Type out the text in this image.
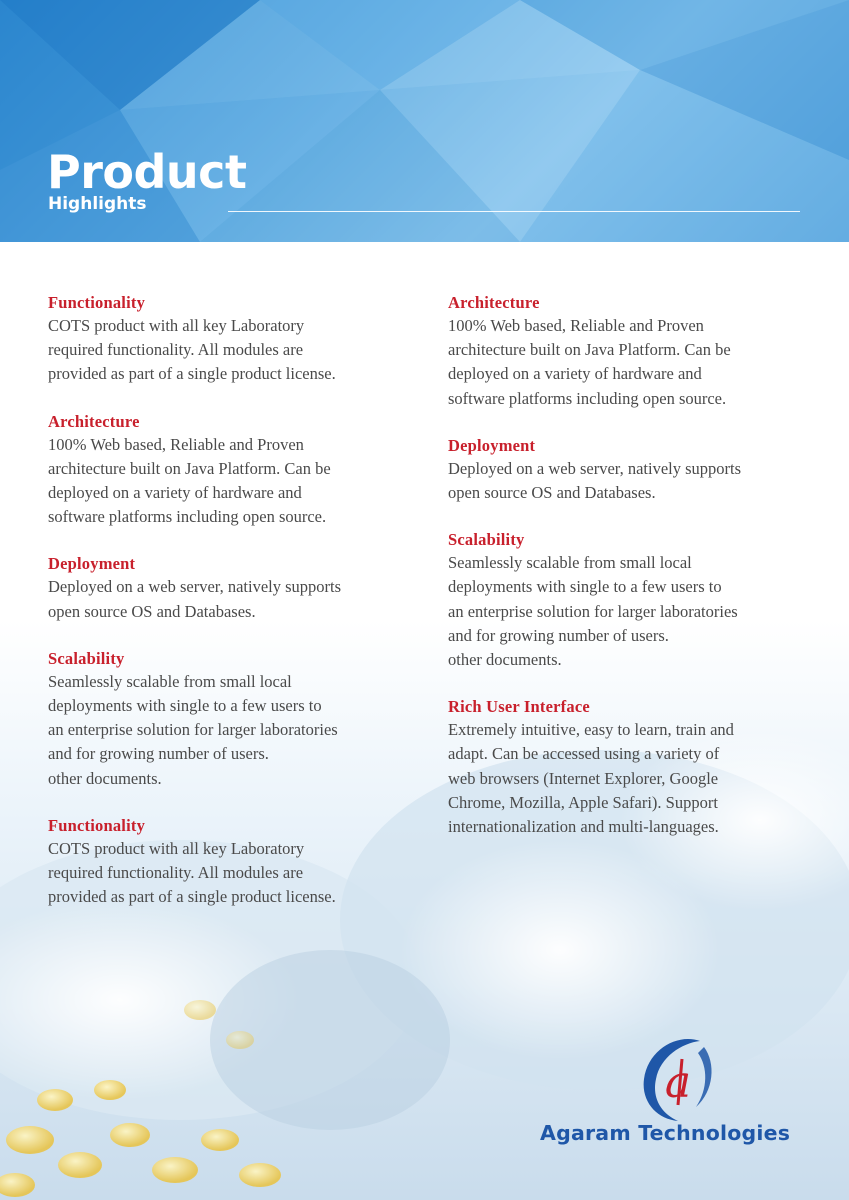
Product
Highlights
Functionality

COTS product with all key Laboratory
required functionality. All modules are
provided as part of a single product license.

Architecture

100% Web based, Reliable and Proven
architecture built on Java Platform. Can be
deployed on a variety of hardware and
software platforms including open source.

Deployment

Deployed on a web server, natively supports
open source OS and Databases.

Scalability

Seamlessly scalable from small local
deployments with single to a few users to
an enterprise solution for larger laboratories
and for growing number of users.
other documents.

Functionality

COTS product with all key Laboratory
required functionality. All modules are
provided as part of a single product license.

Architecture

100% Web based, Reliable and Proven
architecture built on Java Platform. Can be
deployed on a variety of hardware and
software platforms including open source.

Deployment

Deployed on a web server, natively supports
open source OS and Databases.

Scalability

Seamlessly scalable from small local
deployments with single to a few users to
an enterprise solution for larger laboratories
and for growing number of users.
other documents.

Rich User Interface

Extremely intuitive, easy to learn, train and
adapt. Can be accessed using a variety of
web browsers (Internet Explorer, Google
Chrome, Mozilla, Apple Safari). Support
internationalization and multi-languages.

a
Agaram Technologies
